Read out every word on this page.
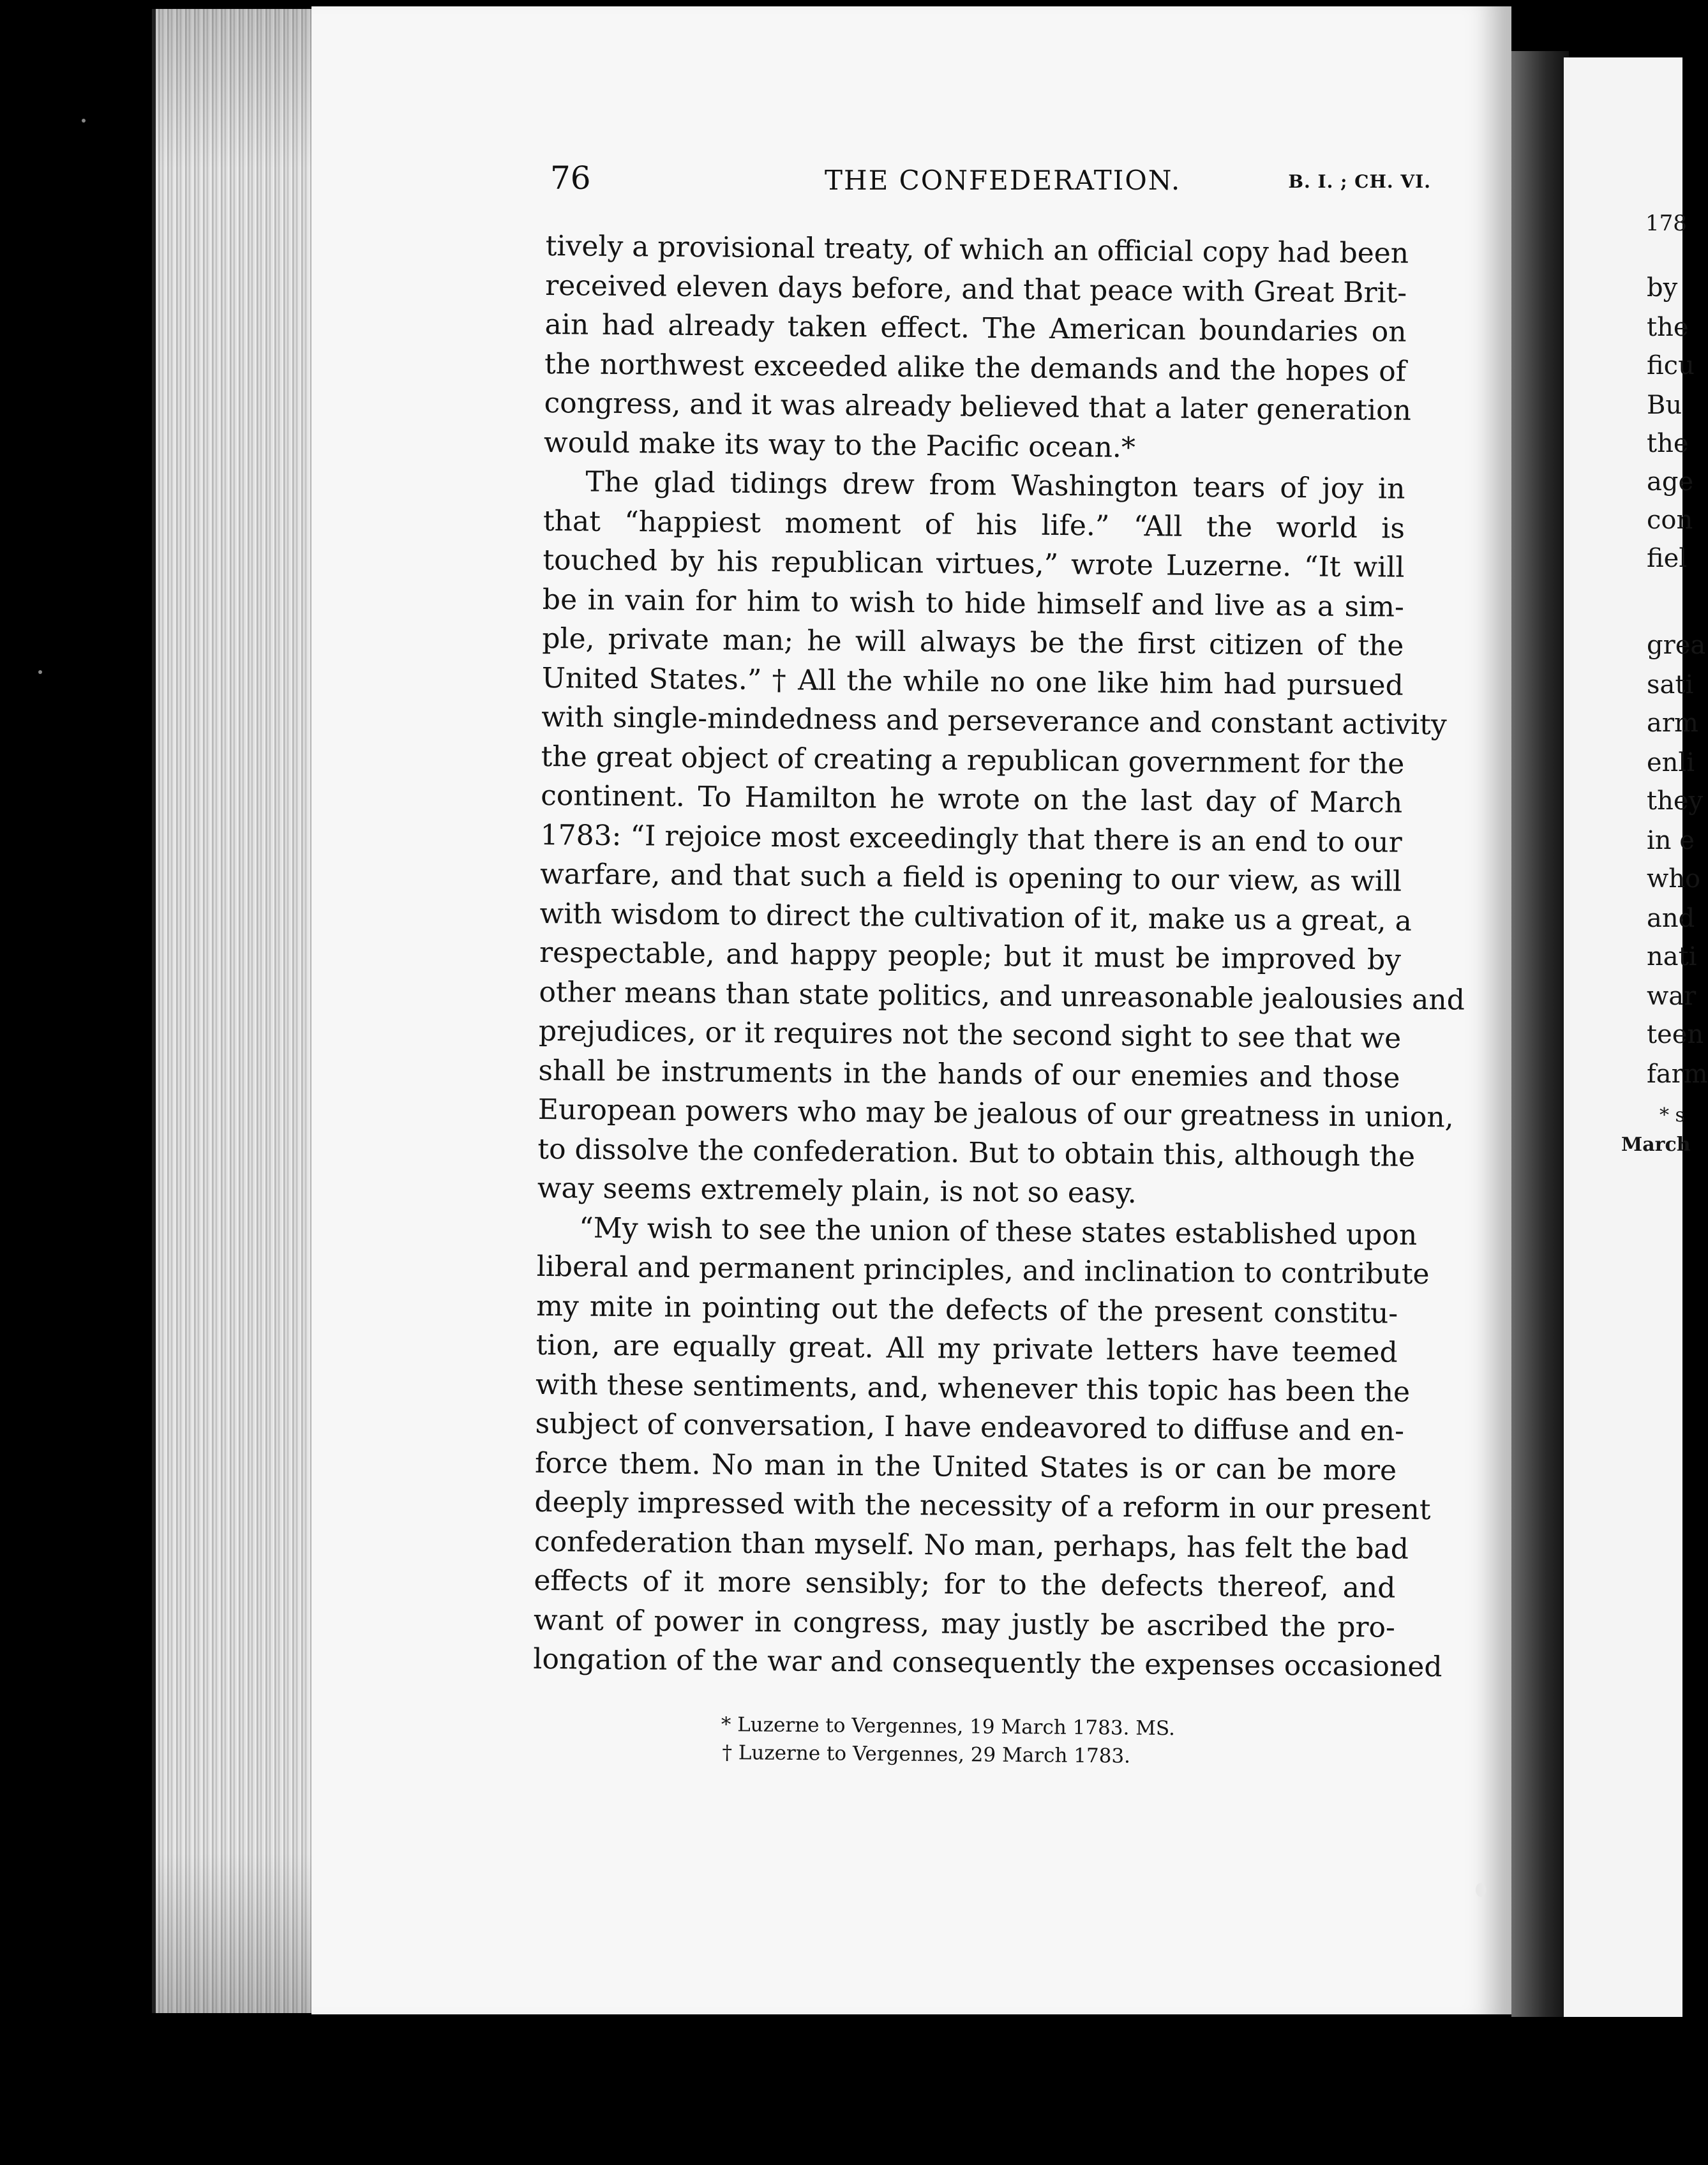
178
by
the
ficu
Bu
the
age
con
fiel
grea
sati
arm
enli
they
in e
who
and
nati
war
teen
farm
* s
March
76	THE CONFEDERATION.	B. I. ; CH. VI.
tively a provisional treaty, of which an official copy had been
received eleven days before, and that peace with Great Brit-
ain had already taken effect. The American boundaries on
the northwest exceeded alike the demands and the hopes of
congress, and it was already believed that a later generation
would make its way to the Pacific ocean.*
The glad tidings drew from Washington tears of joy in
that “happiest moment of his life.” “All the world is
touched by his republican virtues,” wrote Luzerne. “It will
be in vain for him to wish to hide himself and live as a sim-
ple, private man; he will always be the first citizen of the
United States.” † All the while no one like him had pursued
with single-mindedness and perseverance and constant activity
the great object of creating a republican government for the
continent. To Hamilton he wrote on the last day of March
1783: “I rejoice most exceedingly that there is an end to our
warfare, and that such a field is opening to our view, as will
with wisdom to direct the cultivation of it, make us a great, a
respectable, and happy people; but it must be improved by
other means than state politics, and unreasonable jealousies and
prejudices, or it requires not the second sight to see that we
shall be instruments in the hands of our enemies and those
European powers who may be jealous of our greatness in union,
to dissolve the confederation. But to obtain this, although the
way seems extremely plain, is not so easy.
“My wish to see the union of these states established upon
liberal and permanent principles, and inclination to contribute
my mite in pointing out the defects of the present constitu-
tion, are equally great. All my private letters have teemed
with these sentiments, and, whenever this topic has been the
subject of conversation, I have endeavored to diffuse and en-
force them. No man in the United States is or can be more
deeply impressed with the necessity of a reform in our present
confederation than myself. No man, perhaps, has felt the bad
effects of it more sensibly; for to the defects thereof, and
want of power in congress, may justly be ascribed the pro-
longation of the war and consequently the expenses occasioned
* Luzerne to Vergennes, 19 March 1783. MS.
† Luzerne to Vergennes, 29 March 1783.
